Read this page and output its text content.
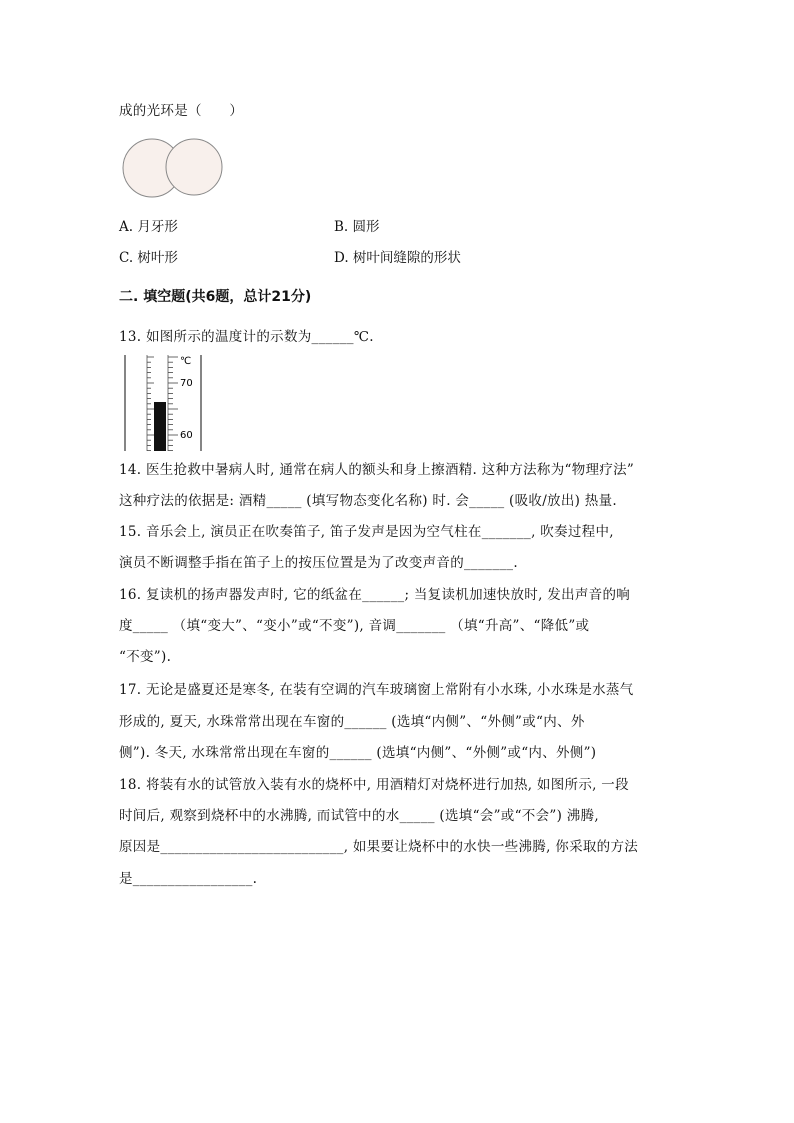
成的光环是（　　）
A. 月牙形	B. 圆形
C. 树叶形	D. 树叶间缝隙的形状
二. 填空题(共6题，总计21分)
13. 如图所示的温度计的示数为______℃.
℃
70
60
14. 医生抢救中暑病人时, 通常在病人的额头和身上擦酒精. 这种方法称为“物理疗法”
这种疗法的依据是: 酒精_____ (填写物态变化名称) 时. 会_____ (吸收/放出) 热量.
15. 音乐会上, 演员正在吹奏笛子, 笛子发声是因为空气柱在_______, 吹奏过程中,
演员不断调整手指在笛子上的按压位置是为了改变声音的_______.
16. 复读机的扬声器发声时, 它的纸盆在______; 当复读机加速快放时, 发出声音的响
度_____ （填“变大”、“变小”或“不变”), 音调_______ （填“升高”、“降低”或
“不变”).
17. 无论是盛夏还是寒冬, 在装有空调的汽车玻璃窗上常附有小水珠, 小水珠是水蒸气
形成的, 夏天, 水珠常常出现在车窗的______ (选填“内侧”、“外侧”或“内、外
侧”). 冬天, 水珠常常出现在车窗的______ (选填“内侧”、“外侧”或“内、外侧”)
18. 将装有水的试管放入装有水的烧杯中, 用酒精灯对烧杯进行加热, 如图所示, 一段
时间后, 观察到烧杯中的水沸腾, 而试管中的水_____ (选填“会”或“不会”) 沸腾,
原因是__________________________, 如果要让烧杯中的水快一些沸腾, 你采取的方法
是_________________.
